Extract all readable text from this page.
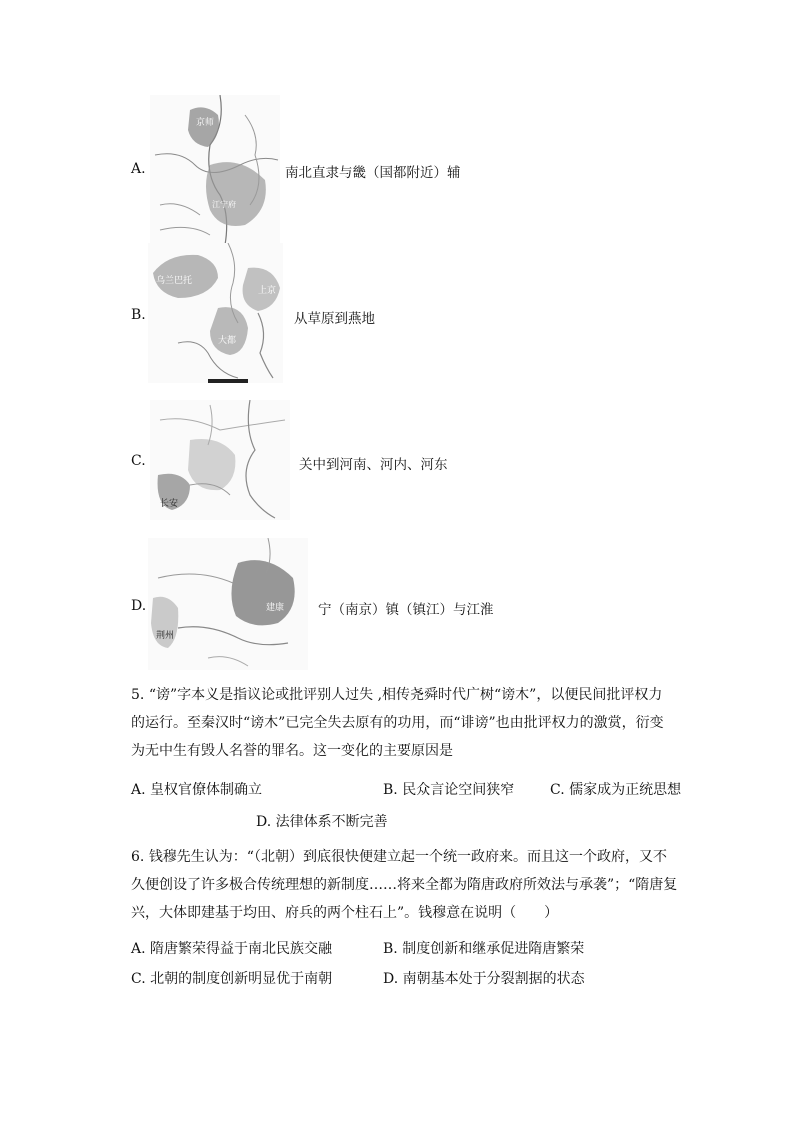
A.
京师
江宁府
南北直隶与畿（国都附近）辅
B.
乌兰巴托
上京
大都
从草原到燕地
C.
长安
关中到河南、河内、河东
D.	建康
荆州
宁（南京）镇（镇江）与江淮
5. “谤”字本义是指议论或批评别人过失 ,相传尧舜时代广树“谤木”，以便民间批评权力
的运行。至秦汉时“谤木”已完全失去原有的功用，而“诽谤”也由批评权力的激赏，衍变
为无中生有毁人名誉的罪名。这一变化的主要原因是
A. 皇权官僚体制确立	B. 民众言论空间狭窄	C. 儒家成为正统思想
D. 法律体系不断完善
6. 钱穆先生认为：“（北朝）到底很快便建立起一个统一政府来。而且这一个政府，又不
久便创设了许多极合传统理想的新制度……将来全都为隋唐政府所效法与承袭”；“隋唐复
兴，大体即建基于均田、府兵的两个柱石上”。钱穆意在说明（　　）
A. 隋唐繁荣得益于南北民族交融	B. 制度创新和继承促进隋唐繁荣
C. 北朝的制度创新明显优于南朝	D. 南朝基本处于分裂割据的状态
